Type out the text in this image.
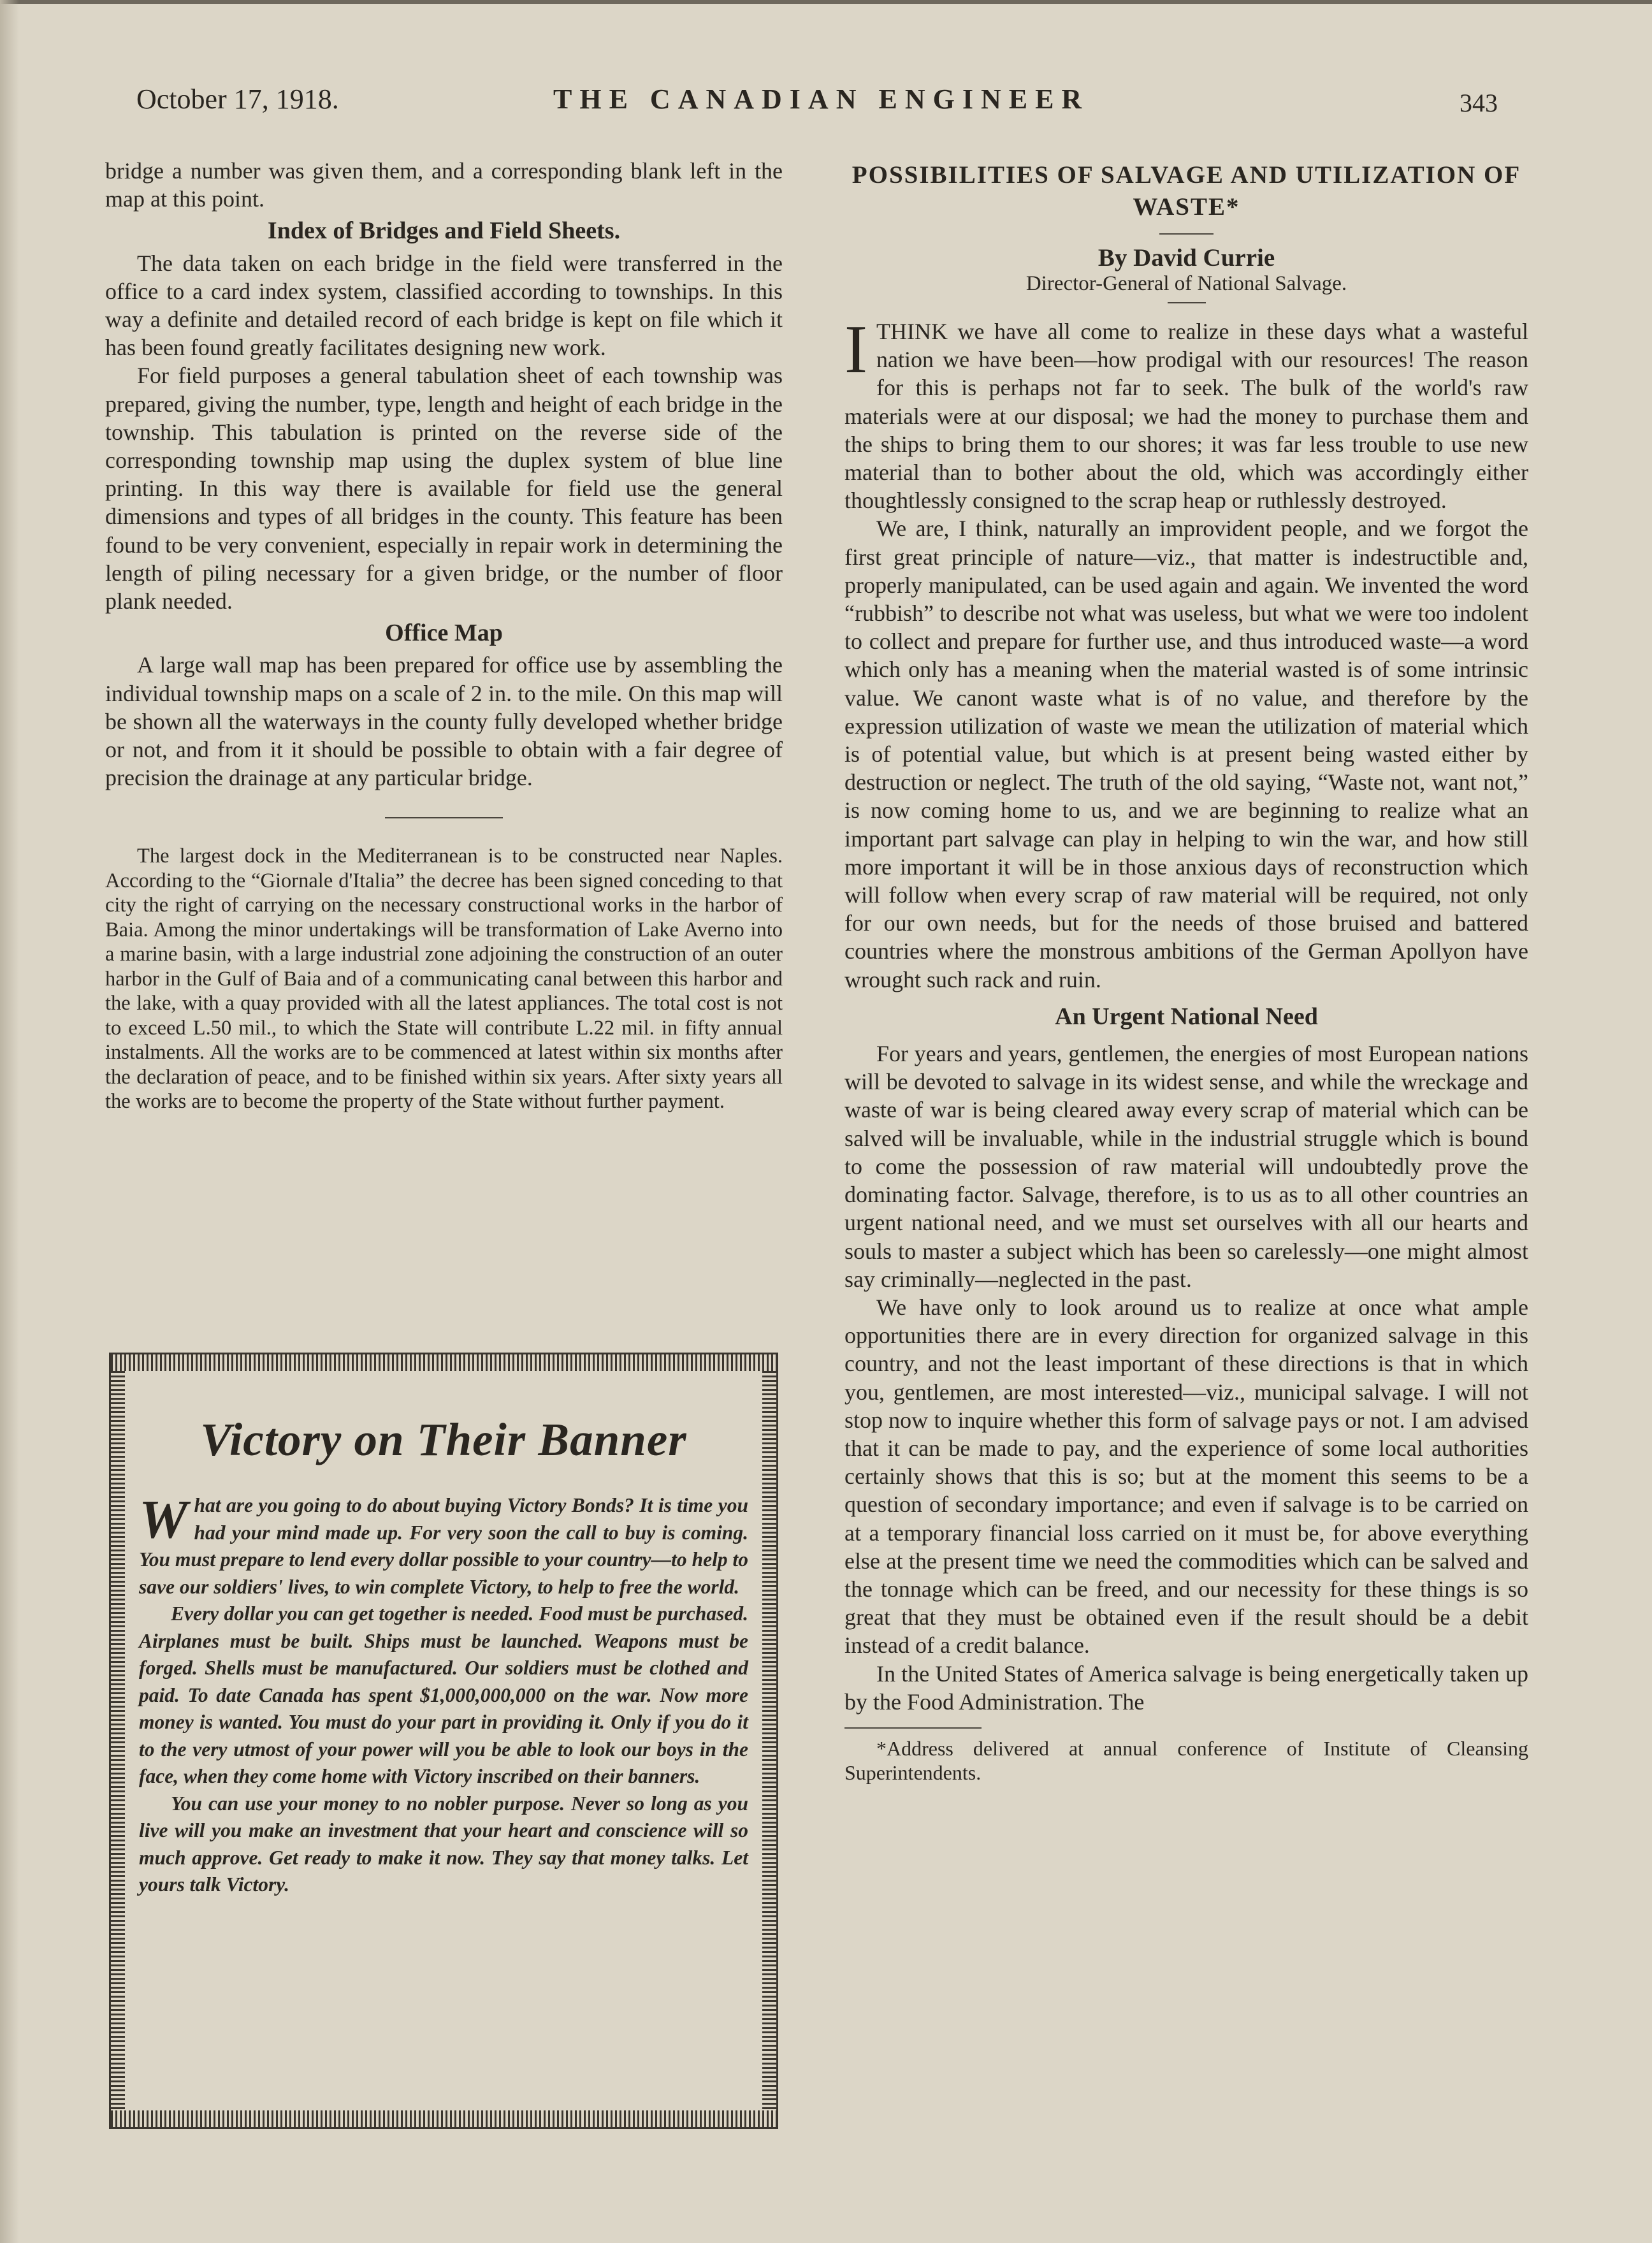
October 17, 1918.	THE CANADIAN ENGINEER	343

bridge a number was given them, and a corresponding blank left in the map at this point.

Index of Bridges and Field Sheets.

The data taken on each bridge in the field were transferred in the office to a card index system, classified according to townships. In this way a definite and detailed record of each bridge is kept on file which it has been found greatly facilitates designing new work.

For field purposes a general tabulation sheet of each township was prepared, giving the number, type, length and height of each bridge in the township. This tabulation is printed on the reverse side of the corresponding township map using the duplex system of blue line printing. In this way there is available for field use the general dimensions and types of all bridges in the county. This feature has been found to be very convenient, especially in repair work in determining the length of piling necessary for a given bridge, or the number of floor plank needed.

Office Map

A large wall map has been prepared for office use by assembling the individual township maps on a scale of 2 in. to the mile. On this map will be shown all the waterways in the county fully developed whether bridge or not, and from it it should be possible to obtain with a fair degree of precision the drainage at any particular bridge.

The largest dock in the Mediterranean is to be constructed near Naples. According to the “Giornale d'Italia” the decree has been signed conceding to that city the right of carrying on the necessary constructional works in the harbor of Baia. Among the minor undertakings will be transformation of Lake Averno into a marine basin, with a large industrial zone adjoining the construction of an outer harbor in the Gulf of Baia and of a communicating canal between this harbor and the lake, with a quay provided with all the latest appliances. The total cost is not to exceed L.50 mil., to which the State will contribute L.22 mil. in fifty annual instalments. All the works are to be commenced at latest within six months after the declaration of peace, and to be finished within six years. After sixty years all the works are to become the property of the State without further payment.

Victory on Their Banner

What are you going to do about buying Victory Bonds? It is time you had your mind made up. For very soon the call to buy is coming. You must prepare to lend every dollar possible to your country—to help to save our soldiers' lives, to win complete Victory, to help to free the world.

Every dollar you can get together is needed. Food must be purchased. Airplanes must be built. Ships must be launched. Weapons must be forged. Shells must be manufactured. Our soldiers must be clothed and paid. To date Canada has spent $1,000,000,000 on the war. Now more money is wanted. You must do your part in providing it. Only if you do it to the very utmost of your power will you be able to look our boys in the face, when they come home with Victory inscribed on their banners.

You can use your money to no nobler purpose. Never so long as you live will you make an investment that your heart and conscience will so much approve. Get ready to make it now. They say that money talks. Let yours talk Victory.

POSSIBILITIES OF SALVAGE AND UTILIZATION OF WASTE*
By David Currie
Director-General of National Salvage.

ITHINK we have all come to realize in these days what a wasteful nation we have been—how prodigal with our resources! The reason for this is perhaps not far to seek. The bulk of the world's raw materials were at our disposal; we had the money to purchase them and the ships to bring them to our shores; it was far less trouble to use new material than to bother about the old, which was accordingly either thoughtlessly consigned to the scrap heap or ruthlessly destroyed.

We are, I think, naturally an improvident people, and we forgot the first great principle of nature—viz., that matter is indestructible and, properly manipulated, can be used again and again. We invented the word “rubbish” to describe not what was useless, but what we were too indolent to collect and prepare for further use, and thus introduced waste—a word which only has a meaning when the material wasted is of some intrinsic value. We canont waste what is of no value, and therefore by the expression utilization of waste we mean the utilization of material which is of potential value, but which is at present being wasted either by destruction or neglect. The truth of the old saying, “Waste not, want not,” is now coming home to us, and we are beginning to realize what an important part salvage can play in helping to win the war, and how still more important it will be in those anxious days of reconstruction which will follow when every scrap of raw material will be required, not only for our own needs, but for the needs of those bruised and battered countries where the monstrous ambitions of the German Apollyon have wrought such rack and ruin.

An Urgent National Need

For years and years, gentlemen, the energies of most European nations will be devoted to salvage in its widest sense, and while the wreckage and waste of war is being cleared away every scrap of material which can be salved will be invaluable, while in the industrial struggle which is bound to come the possession of raw material will undoubtedly prove the dominating factor. Salvage, therefore, is to us as to all other countries an urgent national need, and we must set ourselves with all our hearts and souls to master a subject which has been so carelessly—one might almost say criminally—neglected in the past.

We have only to look around us to realize at once what ample opportunities there are in every direction for organized salvage in this country, and not the least important of these directions is that in which you, gentlemen, are most interested—viz., municipal salvage. I will not stop now to inquire whether this form of salvage pays or not. I am advised that it can be made to pay, and the experience of some local authorities certainly shows that this is so; but at the moment this seems to be a question of secondary importance; and even if salvage is to be carried on at a temporary financial loss carried on it must be, for above everything else at the present time we need the commodities which can be salved and the tonnage which can be freed, and our necessity for these things is so great that they must be obtained even if the result should be a debit instead of a credit balance.

In the United States of America salvage is being energetically taken up by the Food Administration. The

*Address delivered at annual conference of Institute of Cleansing Superintendents.
